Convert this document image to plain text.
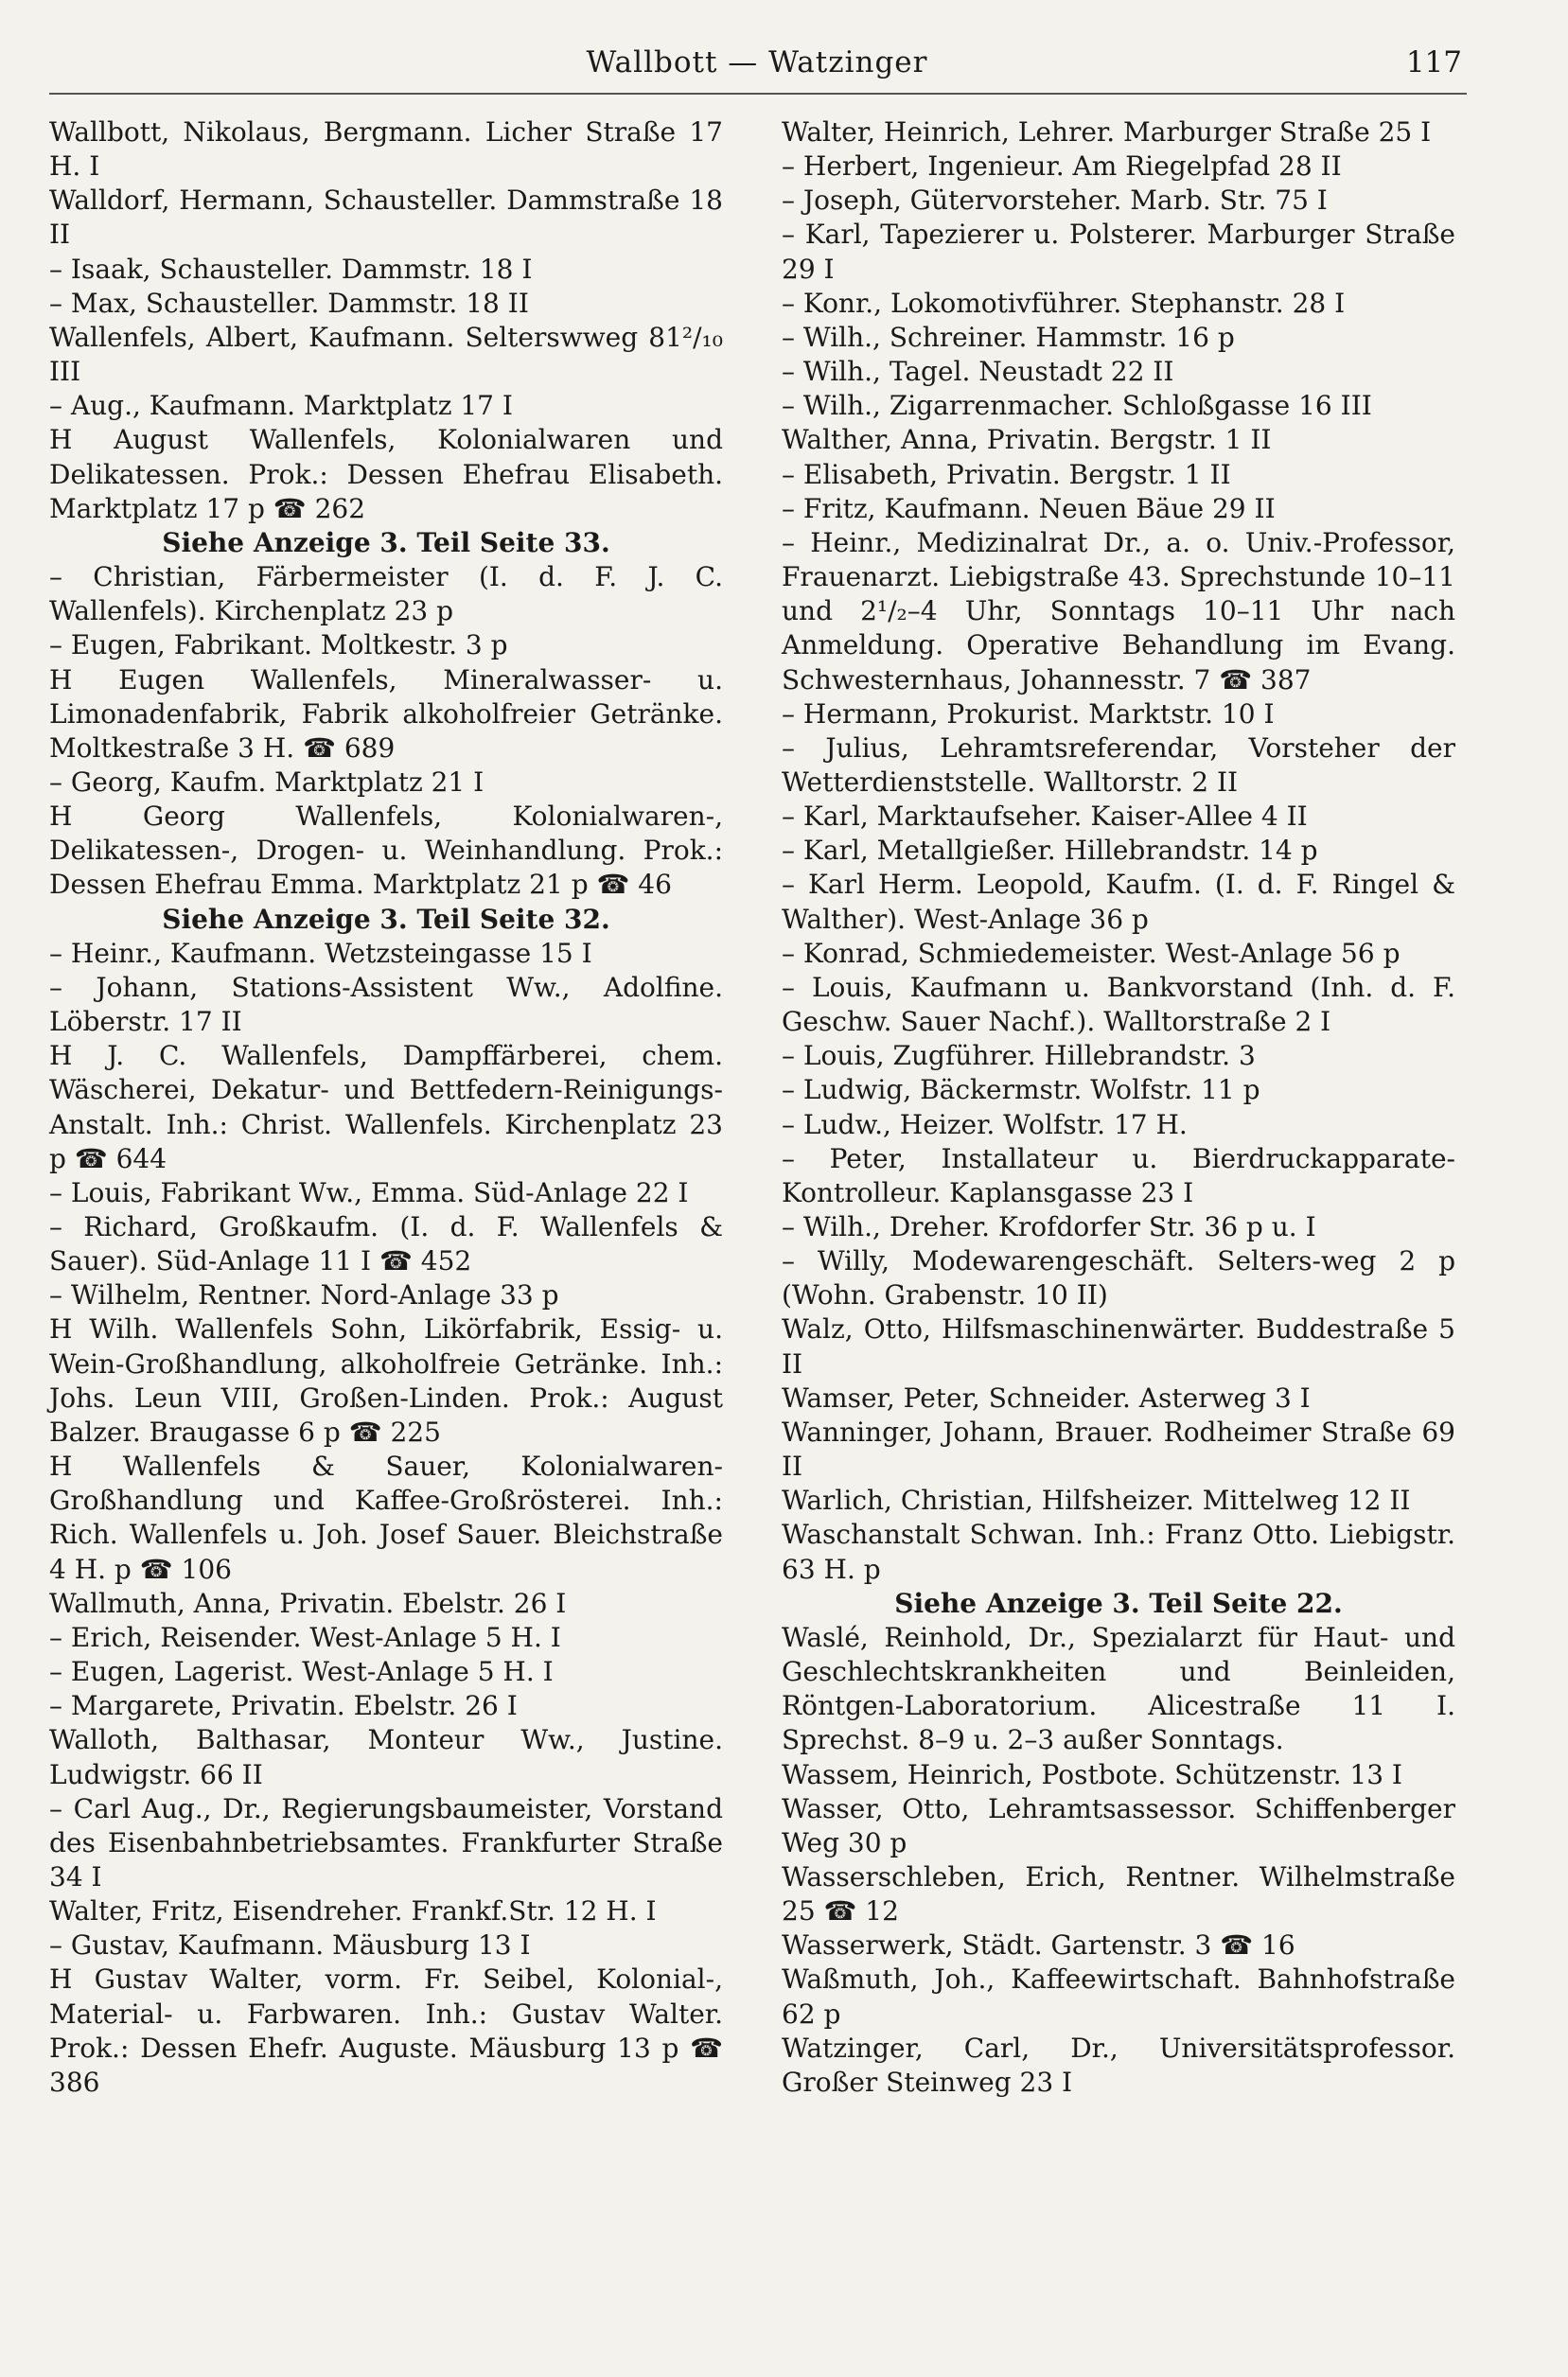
Wallbott — Watzinger	117

Wallbott, Nikolaus, Bergmann. Licher Straße 17 H. I

Walldorf, Hermann, Schausteller. Dammstraße 18 II

– Isaak, Schausteller. Dammstr. 18 I

– Max, Schausteller. Dammstr. 18 II

Wallenfels, Albert, Kaufmann. Selterswweg 81²/₁₀ III

– Aug., Kaufmann. Marktplatz 17 I

H August Wallenfels, Kolonialwaren und Delikatessen. Prok.: Dessen Ehefrau Elisabeth. Marktplatz 17 p ☎ 262

Siehe Anzeige 3. Teil Seite 33.

– Christian, Färbermeister (I. d. F. J. C. Wallenfels). Kirchenplatz 23 p

– Eugen, Fabrikant. Moltkestr. 3 p

H Eugen Wallenfels, Mineralwasser- u. Limonadenfabrik, Fabrik alkoholfreier Getränke. Moltkestraße 3 H. ☎ 689

– Georg, Kaufm. Marktplatz 21 I

H Georg Wallenfels, Kolonialwaren-, Delikatessen-, Drogen- u. Weinhandlung. Prok.: Dessen Ehefrau Emma. Marktplatz 21 p ☎ 46

Siehe Anzeige 3. Teil Seite 32.

– Heinr., Kaufmann. Wetzsteingasse 15 I

– Johann, Stations-Assistent Ww., Adolfine. Löberstr. 17 II

H J. C. Wallenfels, Dampffärberei, chem. Wäscherei, Dekatur- und Bettfedern-Reinigungs-Anstalt. Inh.: Christ. Wallenfels. Kirchenplatz 23 p ☎ 644

– Louis, Fabrikant Ww., Emma. Süd-Anlage 22 I

– Richard, Großkaufm. (I. d. F. Wallenfels & Sauer). Süd-Anlage 11 I ☎ 452

– Wilhelm, Rentner. Nord-Anlage 33 p

H Wilh. Wallenfels Sohn, Likörfabrik, Essig- u. Wein-Großhandlung, alkoholfreie Getränke. Inh.: Johs. Leun VIII, Großen-Linden. Prok.: August Balzer. Braugasse 6 p ☎ 225

H Wallenfels & Sauer, Kolonialwaren-Großhandlung und Kaffee-Großrösterei. Inh.: Rich. Wallenfels u. Joh. Josef Sauer. Bleichstraße 4 H. p ☎ 106

Wallmuth, Anna, Privatin. Ebelstr. 26 I

– Erich, Reisender. West-Anlage 5 H. I

– Eugen, Lagerist. West-Anlage 5 H. I

– Margarete, Privatin. Ebelstr. 26 I

Walloth, Balthasar, Monteur Ww., Justine. Ludwigstr. 66 II

– Carl Aug., Dr., Regierungsbaumeister, Vorstand des Eisenbahnbetriebsamtes. Frankfurter Straße 34 I

Walter, Fritz, Eisendreher. Frankf.Str. 12 H. I

– Gustav, Kaufmann. Mäusburg 13 I

H Gustav Walter, vorm. Fr. Seibel, Kolonial-, Material- u. Farbwaren. Inh.: Gustav Walter. Prok.: Dessen Ehefr. Auguste. Mäusburg 13 p ☎ 386

Walter, Heinrich, Lehrer. Marburger Straße 25 I

– Herbert, Ingenieur. Am Riegelpfad 28 II

– Joseph, Gütervorsteher. Marb. Str. 75 I

– Karl, Tapezierer u. Polsterer. Marburger Straße 29 I

– Konr., Lokomotivführer. Stephanstr. 28 I

– Wilh., Schreiner. Hammstr. 16 p

– Wilh., Tagel. Neustadt 22 II

– Wilh., Zigarrenmacher. Schloßgasse 16 III

Walther, Anna, Privatin. Bergstr. 1 II

– Elisabeth, Privatin. Bergstr. 1 II

– Fritz, Kaufmann. Neuen Bäue 29 II

– Heinr., Medizinalrat Dr., a. o. Univ.-Professor, Frauenarzt. Liebigstraße 43. Sprechstunde 10–11 und 2¹/₂–4 Uhr, Sonntags 10–11 Uhr nach Anmeldung. Operative Behandlung im Evang. Schwesternhaus, Johannesstr. 7 ☎ 387

– Hermann, Prokurist. Marktstr. 10 I

– Julius, Lehramtsreferendar, Vorsteher der Wetterdienststelle. Walltorstr. 2 II

– Karl, Marktaufseher. Kaiser-Allee 4 II

– Karl, Metallgießer. Hillebrandstr. 14 p

– Karl Herm. Leopold, Kaufm. (I. d. F. Ringel & Walther). West-Anlage 36 p

– Konrad, Schmiedemeister. West-Anlage 56 p

– Louis, Kaufmann u. Bankvorstand (Inh. d. F. Geschw. Sauer Nachf.). Walltorstraße 2 I

– Louis, Zugführer. Hillebrandstr. 3

– Ludwig, Bäckermstr. Wolfstr. 11 p

– Ludw., Heizer. Wolfstr. 17 H.

– Peter, Installateur u. Bierdruckapparate-Kontrolleur. Kaplansgasse 23 I

– Wilh., Dreher. Krofdorfer Str. 36 p u. I

– Willy, Modewarengeschäft. Selters-weg 2 p (Wohn. Grabenstr. 10 II)

Walz, Otto, Hilfsmaschinenwärter. Buddestraße 5 II

Wamser, Peter, Schneider. Asterweg 3 I

Wanninger, Johann, Brauer. Rodheimer Straße 69 II

Warlich, Christian, Hilfsheizer. Mittelweg 12 II

Waschanstalt Schwan. Inh.: Franz Otto. Liebigstr. 63 H. p

Siehe Anzeige 3. Teil Seite 22.

Waslé, Reinhold, Dr., Spezialarzt für Haut- und Geschlechtskrankheiten und Beinleiden, Röntgen-Laboratorium. Alicestraße 11 I. Sprechst. 8–9 u. 2–3 außer Sonntags.

Wassem, Heinrich, Postbote. Schützenstr. 13 I

Wasser, Otto, Lehramtsassessor. Schiffenberger Weg 30 p

Wasserschleben, Erich, Rentner. Wilhelmstraße 25 ☎ 12

Wasserwerk, Städt. Gartenstr. 3 ☎ 16

Waßmuth, Joh., Kaffeewirtschaft. Bahnhofstraße 62 p

Watzinger, Carl, Dr., Universitätsprofessor. Großer Steinweg 23 I
